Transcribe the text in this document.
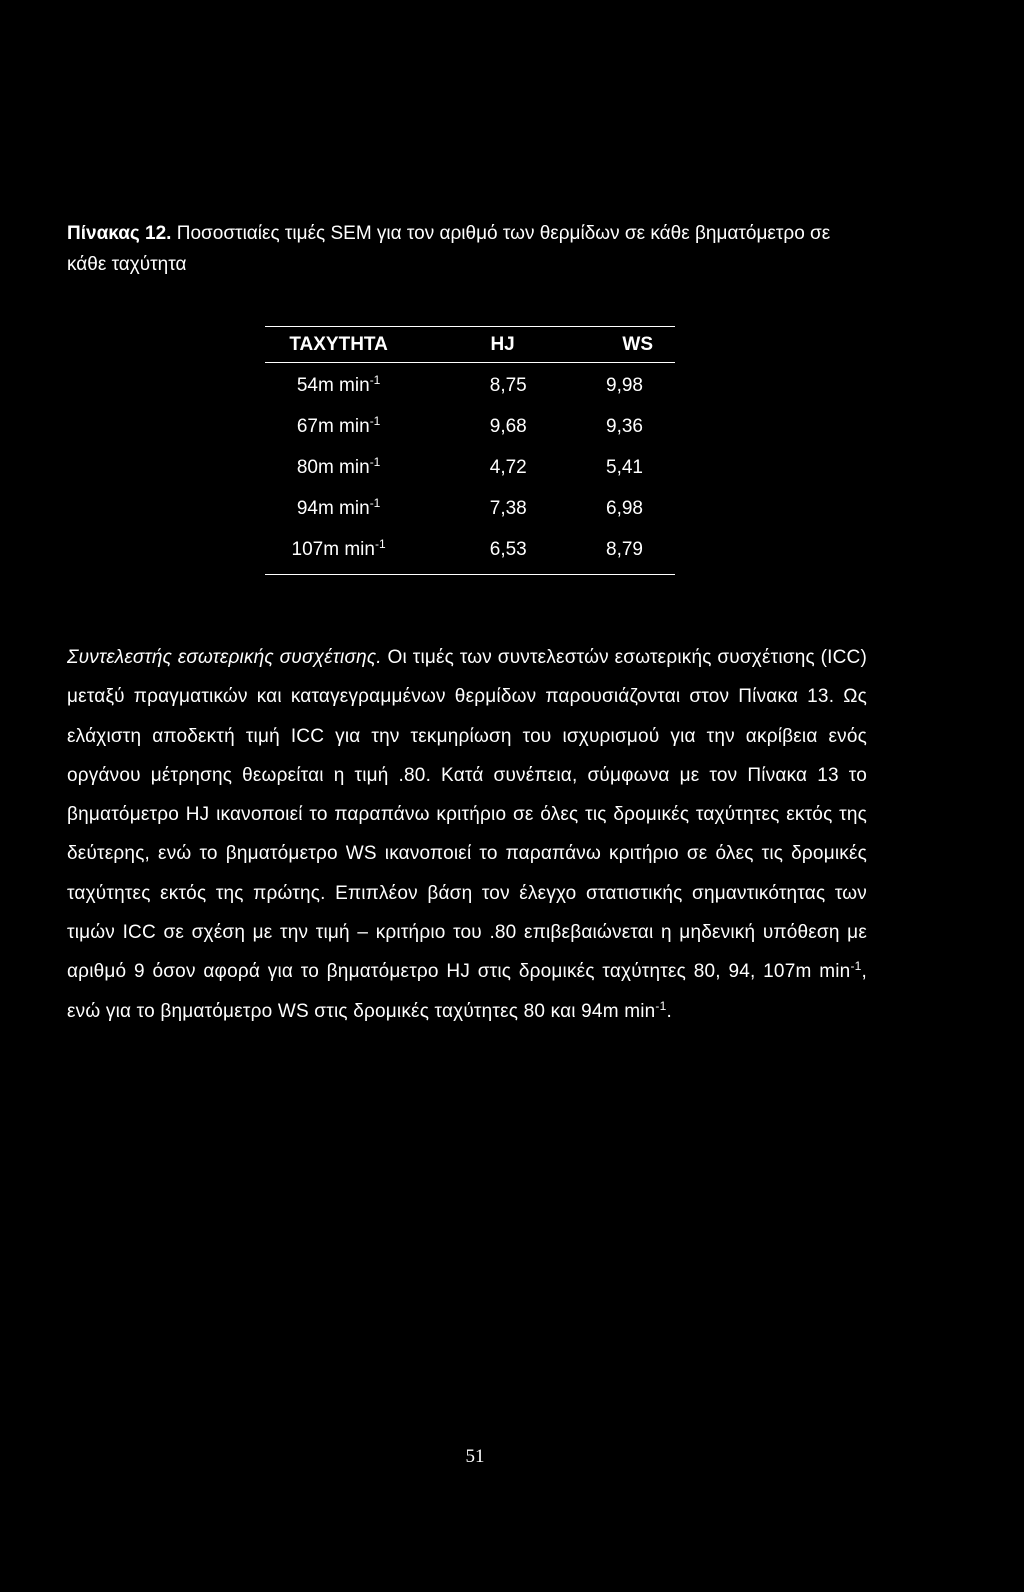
Πίνακας 12. Ποσοστιαίες τιμές SEM για τον αριθμό των θερμίδων σε κάθε βηματόμετρο σε κάθε ταχύτητα
ΤΑΧΥΤΗΤΑ	HJ	WS
54m $\min^{-1}$	8,75	9,98
67m $\min^{-1}$	9,68	9,36
80m $\min^{-1}$	4,72	5,41
94m $\min^{-1}$	7,38	6,98
107m $\min^{-1}$	6,53	8,79
Συντελεστής εσωτερικής συσχέτισης. Οι τιμές των συντελεστών εσωτερικής συσχέτισης (ICC) μεταξύ πραγματικών και καταγεγραμμένων θερμίδων παρουσιάζονται στον Πίνακα 13. Ως ελάχιστη αποδεκτή τιμή ICC για την τεκμηρίωση του ισχυρισμού για την ακρίβεια ενός οργάνου μέτρησης θεωρείται η τιμή .80. Κατά συνέπεια, σύμφωνα με τον Πίνακα 13 το βηματόμετρο HJ ικανοποιεί το παραπάνω κριτήριο σε όλες τις δρομικές ταχύτητες εκτός της δεύτερης, ενώ το βηματόμετρο WS ικανοποιεί το παραπάνω κριτήριο σε όλες τις δρομικές ταχύτητες εκτός της πρώτης. Επιπλέον βάση τον έλεγχο στατιστικής σημαντικότητας των τιμών ICC σε σχέση με την τιμή – κριτήριο του .80 επιβεβαιώνεται η μηδενική υπόθεση με αριθμό 9 όσον αφορά για το βηματόμετρο HJ στις δρομικές ταχύτητες 80, 94, 107m $\min^{-1}$, ενώ για το βηματόμετρο WS στις δρομικές ταχύτητες 80 και 94m $\min^{-1}$.
51
